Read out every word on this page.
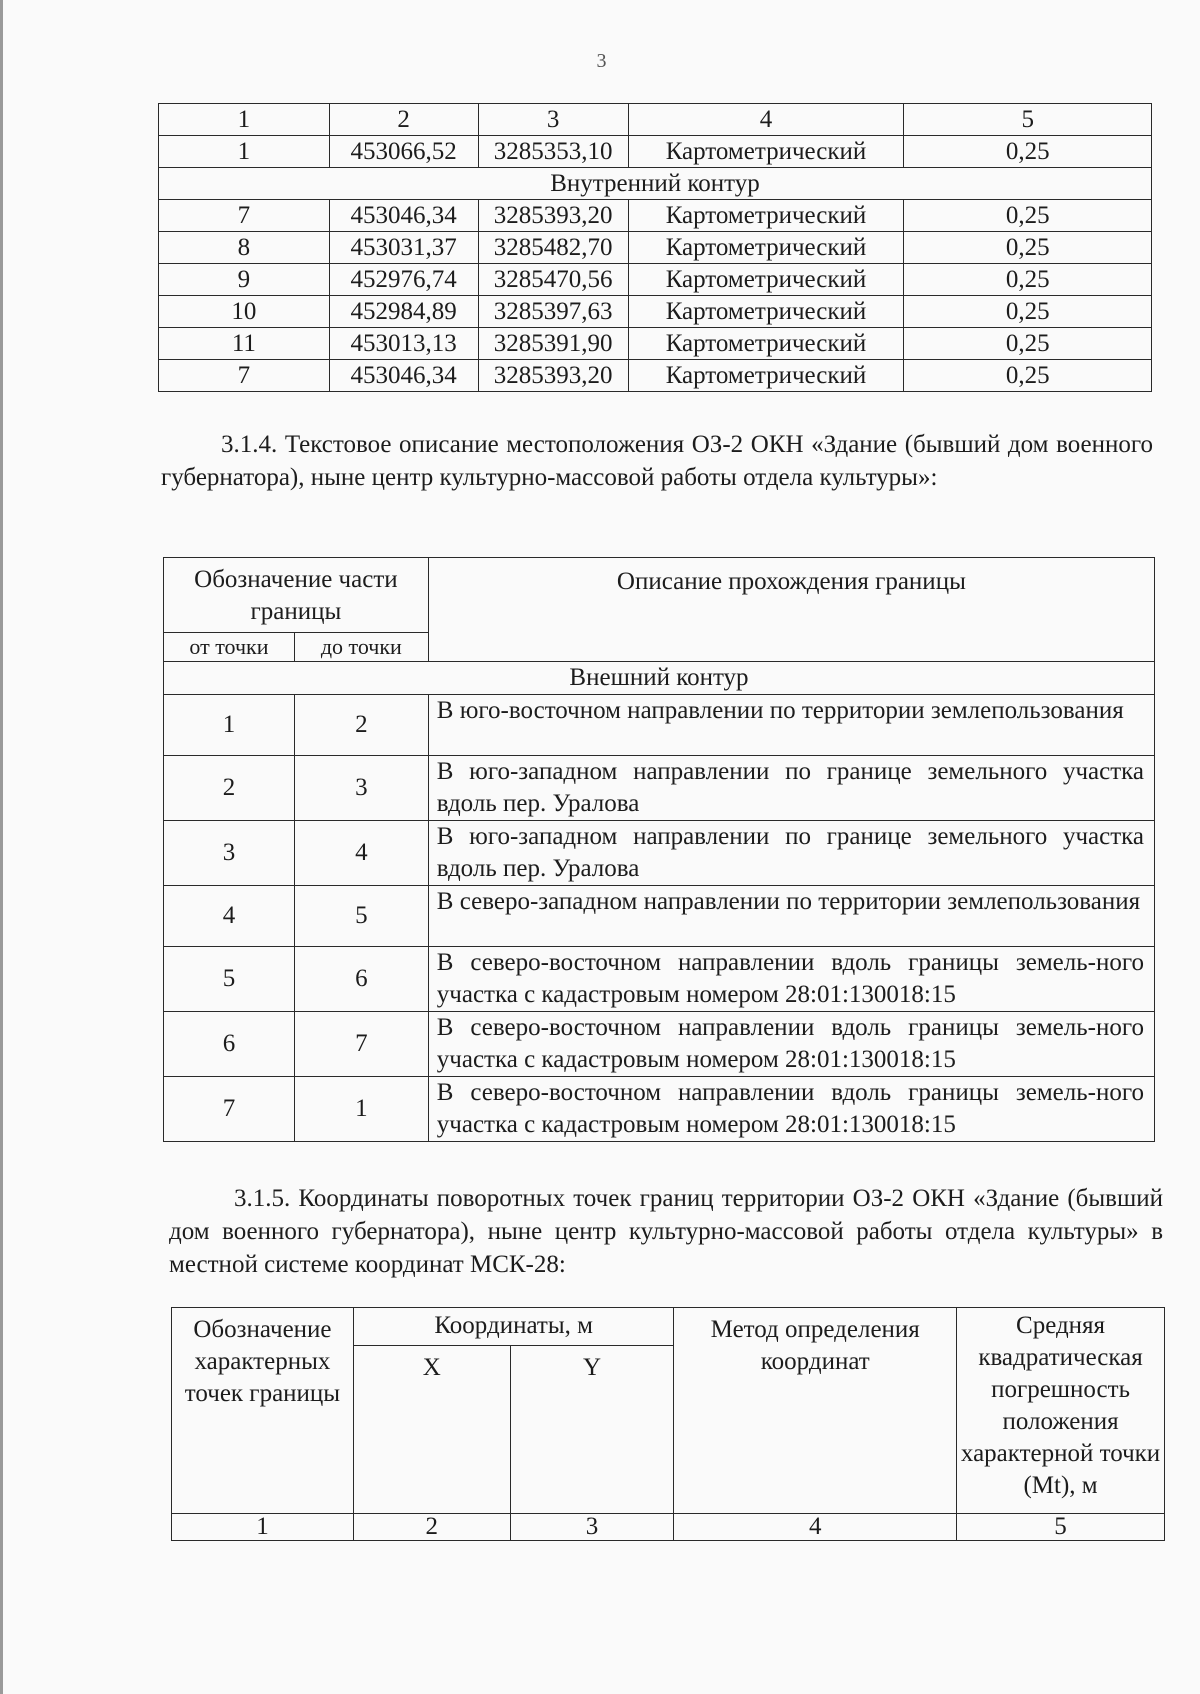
3
1	2	3	4	5
1	453066,52	3285353,10	Картометрический	0,25
Внутренний контур				
7	453046,34	3285393,20	Картометрический	0,25
8	453031,37	3285482,70	Картометрический	0,25
9	452976,74	3285470,56	Картометрический	0,25
10	452984,89	3285397,63	Картометрический	0,25
11	453013,13	3285391,90	Картометрический	0,25
7	453046,34	3285393,20	Картометрический	0,25
3.1.4. Текстовое описание местоположения ОЗ-2 ОКН «Здание (бывший дом военного губернатора), ныне центр культурно-массовой работы отдела культуры»:
Обозначение части границы		Описание прохождения границы
от точки	до точки	
Внешний контур		
1	2	В юго-восточном направлении по территории землепользования
2	3	В юго-западном направлении по границе земельного участка вдоль пер. Уралова
3	4	В юго-западном направлении по границе земельного участка вдоль пер. Уралова
4	5	В северо-западном направлении по территории землепользования
5	6	В северо-восточном направлении вдоль границы земель-ного участка с кадастровым номером 28:01:130018:15
6	7	В северо-восточном направлении вдоль границы земель-ного участка с кадастровым номером 28:01:130018:15
7	1	В северо-восточном направлении вдоль границы земель-ного участка с кадастровым номером 28:01:130018:15
3.1.5. Координаты поворотных точек границ территории ОЗ-2 ОКН «Здание (бывший дом военного губернатора), ныне центр культурно-массовой работы отдела культуры» в местной системе координат МСК-28:
Обозначение характерных точек границы	Координаты, м		Метод определения координат	Средняя квадратическая погрешность положения характерной точки (Mt), м
	X	Y		
1	2	3	4	5
